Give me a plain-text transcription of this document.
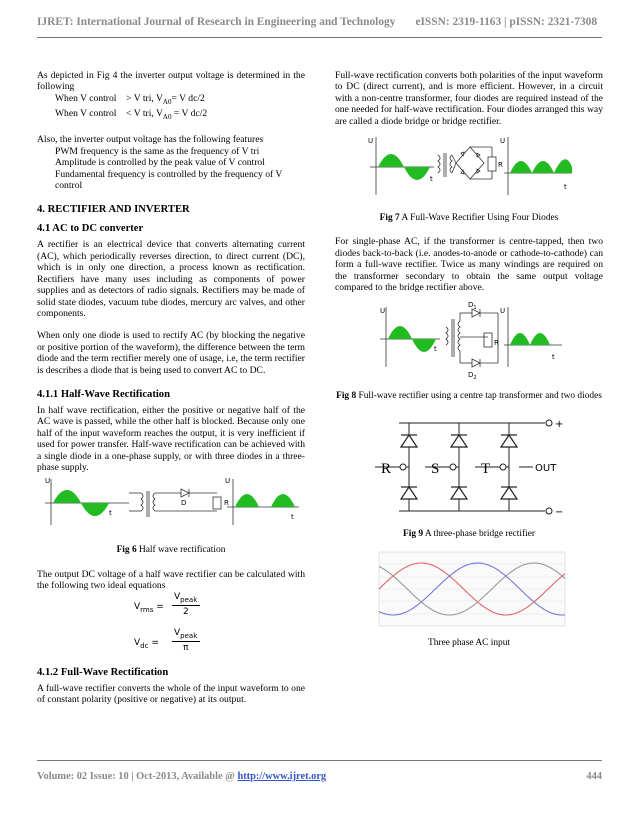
IJRET: International Journal of Research in Engineering and Technology eISSN: 2319-1163 | pISSN: 2321-7308

As depicted in Fig 4 the inverter output voltage is determined in the following

When V control    > V tri, $V_{A0}= V$ dc/2
When V control    < V tri, $V_{A0} = V$ dc/2

Also, the inverter output voltage has the following features

PWM frequency is the same as the frequency of V tri
Amplitude is controlled by the peak value of V control
Fundamental frequency is controlled by the frequency of V control
4. RECTIFIER AND INVERTER
4.1 AC to DC converter

A rectifier is an electrical device that converts alternating current (AC), which periodically reverses direction, to direct current (DC), which is in only one direction, a process known as rectification. Rectifiers have many uses including as components of power supplies and as detectors of radio signals. Rectifiers may be made of solid state diodes, vacuum tube diodes, mercury arc valves, and other components.

When only one diode is used to rectify AC (by blocking the negative or positive portion of the waveform), the difference between the term diode and the term rectifier merely one of usage, i.e, the term rectifier is describes a diode that is being used to convert AC to DC.

4.1.1 Half-Wave Rectification

In half wave rectification, either the positive or negative half of the AC wave is passed, while the other half is blocked. Because only one half of the input waveform reaches the output, it is very inefficient if used for power transfer. Half-wave rectification can be achieved with a single diode in a one-phase supply, or with three diodes in a three-phase supply.

U
t
D	R
U
t
Fig 6 Half wave rectification

The output DC voltage of a half wave rectifier can be calculated with the following two ideal equations

$V_{rms}$ =
$V_{peak}$
2
$V_{dc}$ =
$V_{peak}$
π
4.1.2 Full-Wave Rectification

A full-wave rectifier converts the whole of the input waveform to one of constant polarity (positive or negative) at its output.

Full-wave rectification converts both polarities of the input waveform to DC (direct current), and is more efficient. However, in a circuit with a non-centre transformer, four diodes are required instead of the one needed for half-wave rectification. Four diodes arranged this way are called a diode bridge or bridge rectifier.

U
t
R
U
t
Fig 7 A Full-Wave Rectifier Using Four Diodes

For single-phase AC, if the transformer is centre-tapped, then two diodes back-to-back (i.e. anodes-to-anode or cathode-to-cathode) can form a full-wave rectifier. Twice as many windings are required on the transformer secondary to obtain the same output voltage compared to the bridge rectifier above.

U
t
$D_1$
$D_2$
R
U
t
Fig 8 Full-wave rectifier using a centre tap transformer and two diodes
R	S	T	OUT
+
−
Fig 9 A three-phase bridge rectifier
Three phase AC input
Volume: 02 Issue: 10 | Oct-2013, Available @ http://www.ijret.org	444
